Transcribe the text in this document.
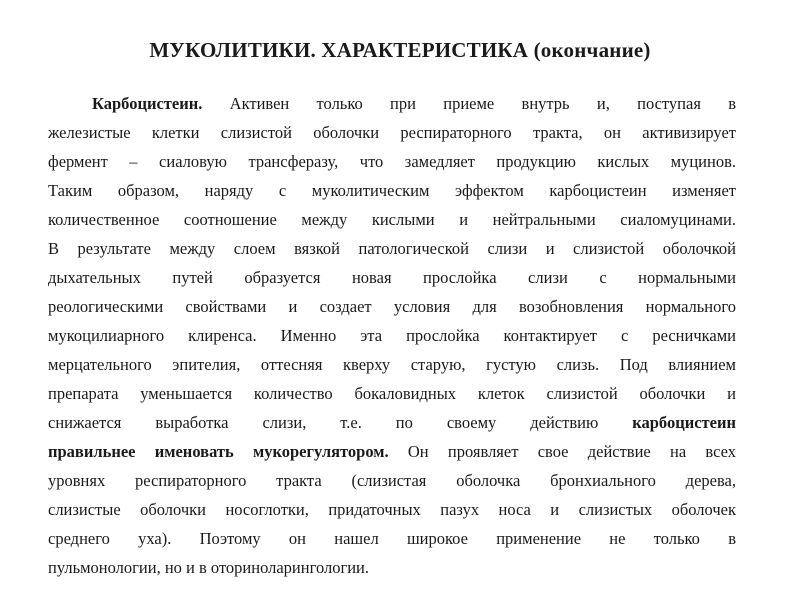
МУКОЛИТИКИ. ХАРАКТЕРИСТИКА (окончание)
Карбоцистеин. Активен только при приеме внутрь и, поступая в
железистые клетки слизистой оболочки респираторного тракта, он активизирует
фермент – сиаловую трансферазу, что замедляет продукцию кислых муцинов.
Таким образом, наряду с муколитическим эффектом карбоцистеин изменяет
количественное соотношение между кислыми и нейтральными сиаломуцинами.
В результате между слоем вязкой патологической слизи и слизистой оболочкой
дыхательных путей образуется новая прослойка слизи с нормальными
реологическими свойствами и создает условия для возобновления нормального
мукоцилиарного клиренса. Именно эта прослойка контактирует с ресничками
мерцательного эпителия, оттесняя кверху старую, густую слизь. Под влиянием
препарата уменьшается количество бокаловидных клеток слизистой оболочки и
снижается выработка слизи, т.е. по своему действию карбоцистеин
правильнее именовать мукорегулятором. Он проявляет свое действие на всех
уровнях респираторного тракта (слизистая оболочка бронхиального дерева,
слизистые оболочки носоглотки, придаточных пазух носа и слизистых оболочек
среднего уха). Поэтому он нашел широкое применение не только в
пульмонологии, но и в оториноларингологии.
